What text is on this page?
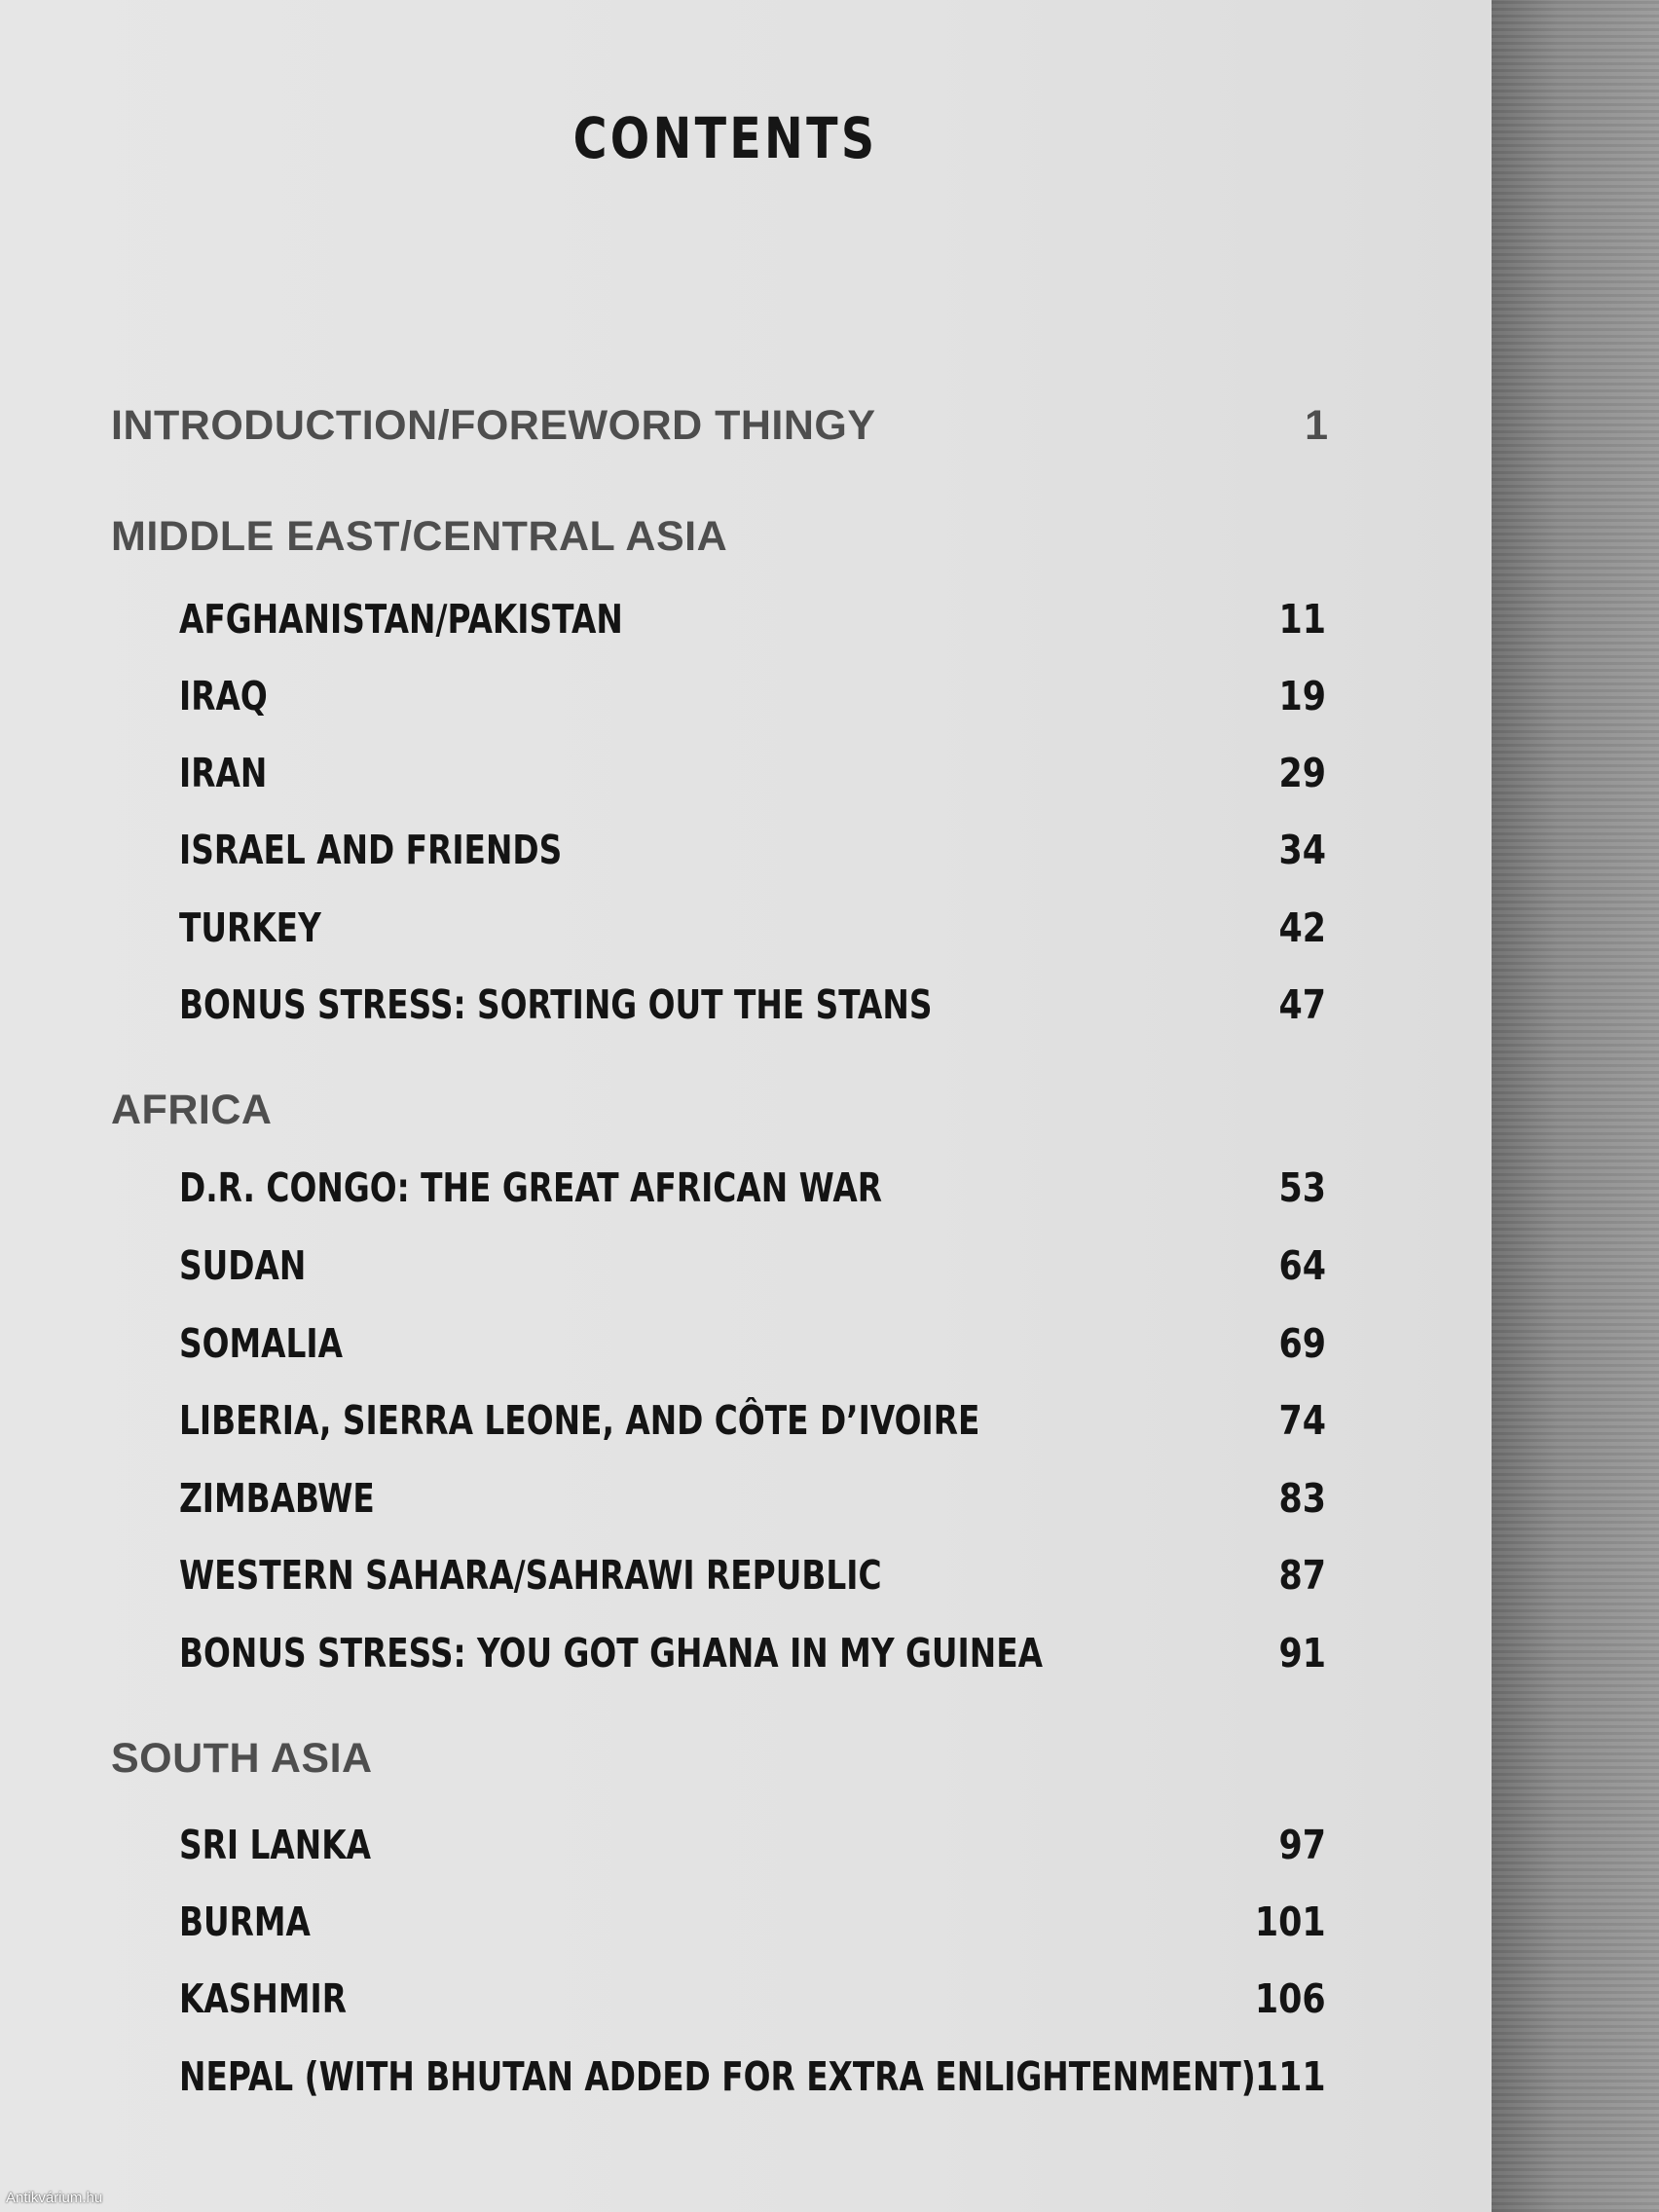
CONTENTS
INTRODUCTION/FOREWORD THINGY	1
MIDDLE EAST/CENTRAL ASIA
AFGHANISTAN/PAKISTAN	11
IRAQ	19
IRAN	29
ISRAEL AND FRIENDS	34
TURKEY	42
BONUS STRESS: SORTING OUT THE STANS	47
AFRICA
D.R. CONGO: THE GREAT AFRICAN WAR	53
SUDAN	64
SOMALIA	69
LIBERIA, SIERRA LEONE, AND CÔTE D’IVOIRE	74
ZIMBABWE	83
WESTERN SAHARA/SAHRAWI REPUBLIC	87
BONUS STRESS: YOU GOT GHANA IN MY GUINEA	91
SOUTH ASIA
SRI LANKA	97
BURMA	101
KASHMIR	106
NEPAL (WITH BHUTAN ADDED FOR EXTRA ENLIGHTENMENT) 111
Antikvárium.hu
